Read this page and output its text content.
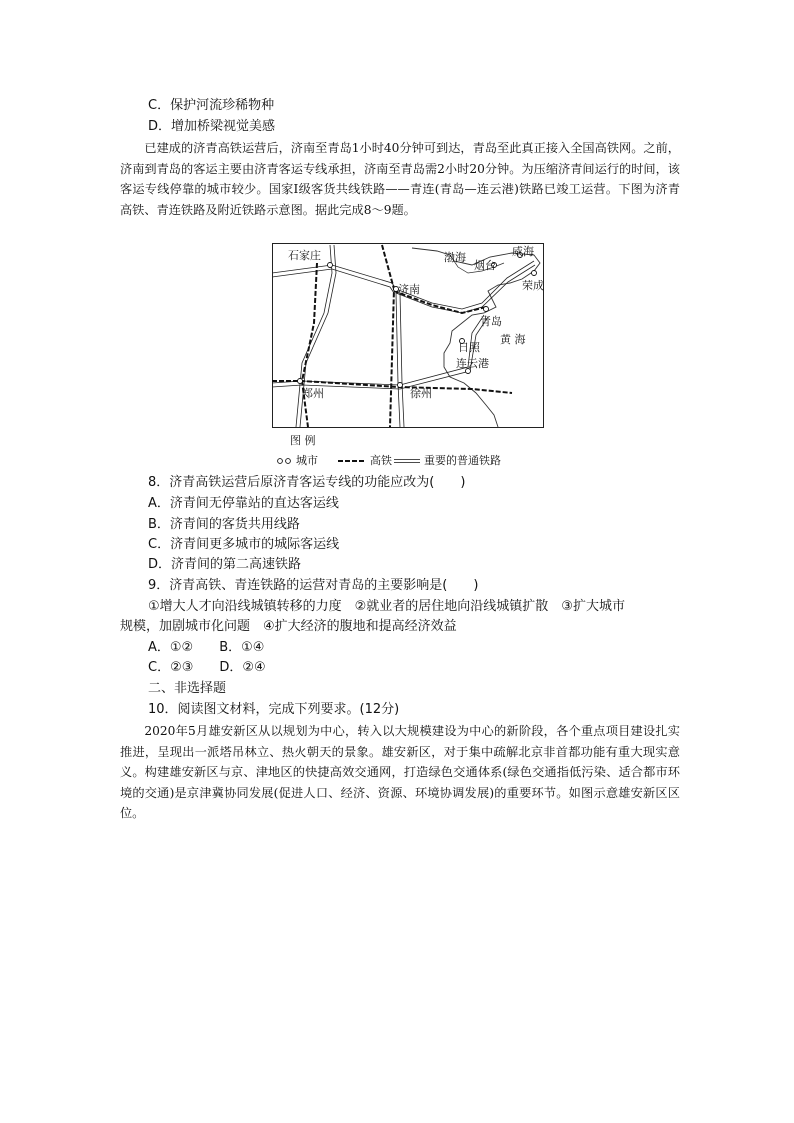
C．保护河流珍稀物种
D．增加桥梁视觉美感
已建成的济青高铁运营后，济南至青岛1小时40分钟可到达，青岛至此真正接入全国高铁网。之前，济南到青岛的客运主要由济青客运专线承担，济南至青岛需2小时20分钟。为压缩济青间运行的时间，该客运专线停靠的城市较少。国家Ⅰ级客货共线铁路——青连(青岛—连云港)铁路已竣工运营。下图为济青高铁、青连铁路及附近铁路示意图。据此完成8～9题。
石家庄
济南
郑州	徐州
青岛
日照
连云港
烟台
威海
荣成
渤海
黄 海
图 例
城市	高铁	重要的普通铁路
8．济青高铁运营后原济青客运专线的功能应改为(　　)
A．济青间无停靠站的直达客运线
B．济青间的客货共用线路
C．济青间更多城市的城际客运线
D．济青间的第二高速铁路
9．济青高铁、青连铁路的运营对青岛的主要影响是(　　)
①增大人才向沿线城镇转移的力度　②就业者的居住地向沿线城镇扩散　③扩大城市
规模，加剧城市化问题　④扩大经济的腹地和提高经济效益
A．①②　　B．①④
C．②③　　D．②④
二、非选择题
10．阅读图文材料，完成下列要求。(12分)
2020年5月雄安新区从以规划为中心，转入以大规模建设为中心的新阶段，各个重点项目建设扎实推进，呈现出一派塔吊林立、热火朝天的景象。雄安新区，对于集中疏解北京非首都功能有重大现实意义。构建雄安新区与京、津地区的快捷高效交通网，打造绿色交通体系(绿色交通指低污染、适合都市环境的交通)是京津冀协同发展(促进人口、经济、资源、环境协调发展)的重要环节。如图示意雄安新区区位。
